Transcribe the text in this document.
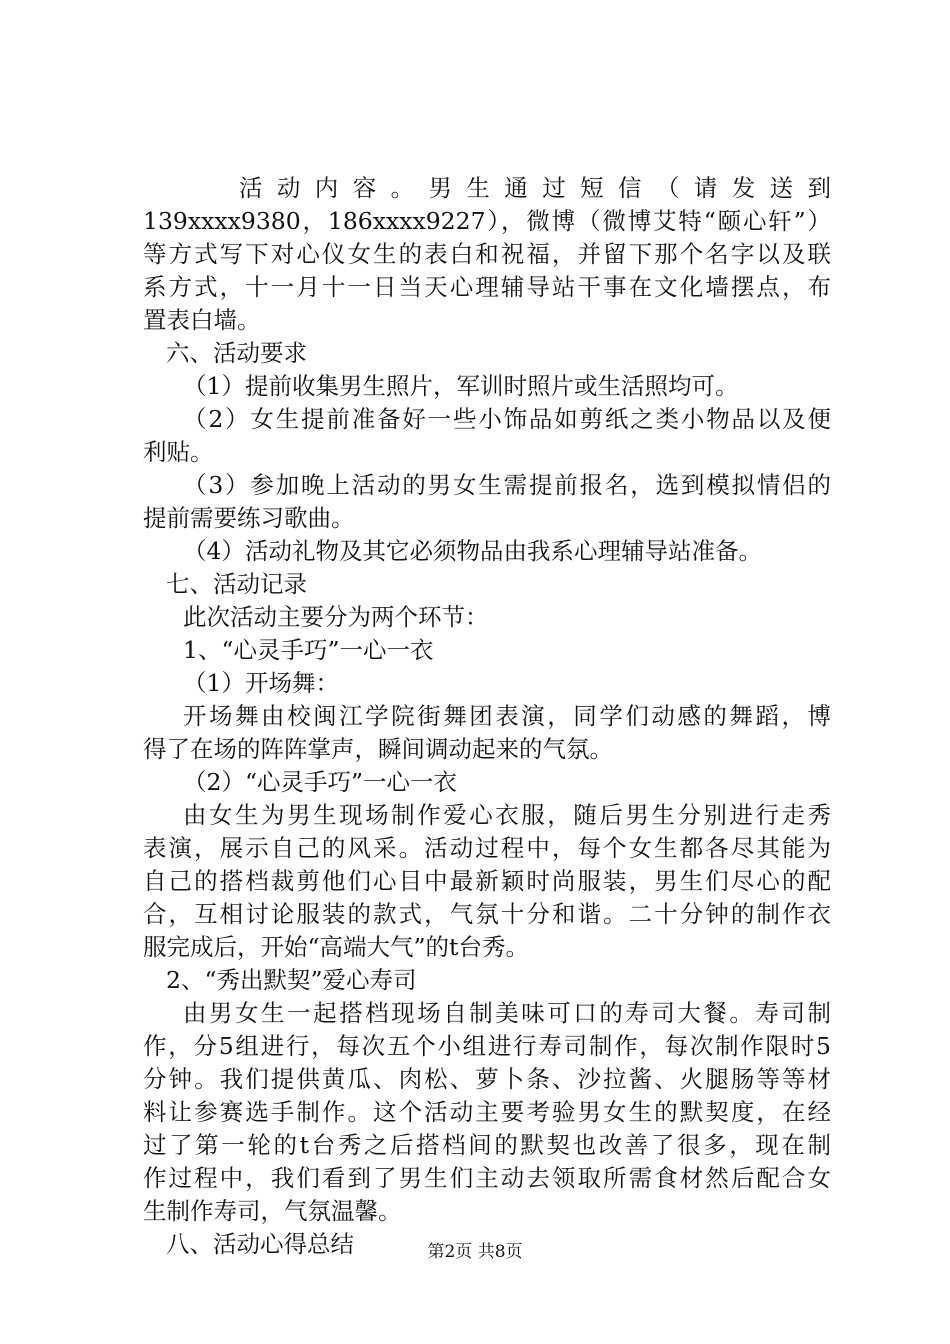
活 动 内 容 。 男 生 通 过 短 信 （ 请 发 送 到
139xxxx9380，186xxxx9227），微博（微博艾特“颐心轩”）
等方式写下对心仪女生的表白和祝福，并留下那个名字以及联
系方式，十一月十一日当天心理辅导站干事在文化墙摆点，布
置表白墙。
六、活动要求
（1）提前收集男生照片，军训时照片或生活照均可。
（2）女生提前准备好一些小饰品如剪纸之类小物品以及便
利贴。
（3）参加晚上活动的男女生需提前报名，选到模拟情侣的
提前需要练习歌曲。
（4）活动礼物及其它必须物品由我系心理辅导站准备。
七、活动记录
此次活动主要分为两个环节：
1、“心灵手巧”一心一衣
（1）开场舞：
开场舞由校闽江学院街舞团表演，同学们动感的舞蹈，博
得了在场的阵阵掌声，瞬间调动起来的气氛。
（2）“心灵手巧”一心一衣
由女生为男生现场制作爱心衣服，随后男生分别进行走秀
表演，展示自己的风采。活动过程中，每个女生都各尽其能为
自己的搭档裁剪他们心目中最新颖时尚服装，男生们尽心的配
合，互相讨论服装的款式，气氛十分和谐。二十分钟的制作衣
服完成后，开始“高端大气”的t台秀。
2、“秀出默契”爱心寿司
由男女生一起搭档现场自制美味可口的寿司大餐。寿司制
作，分5组进行，每次五个小组进行寿司制作，每次制作限时5
分钟。我们提供黄瓜、肉松、萝卜条、沙拉酱、火腿肠等等材
料让参赛选手制作。这个活动主要考验男女生的默契度，在经
过了第一轮的t台秀之后搭档间的默契也改善了很多，现在制
作过程中，我们看到了男生们主动去领取所需食材然后配合女
生制作寿司，气氛温馨。
八、活动心得总结	第2页 共8页
